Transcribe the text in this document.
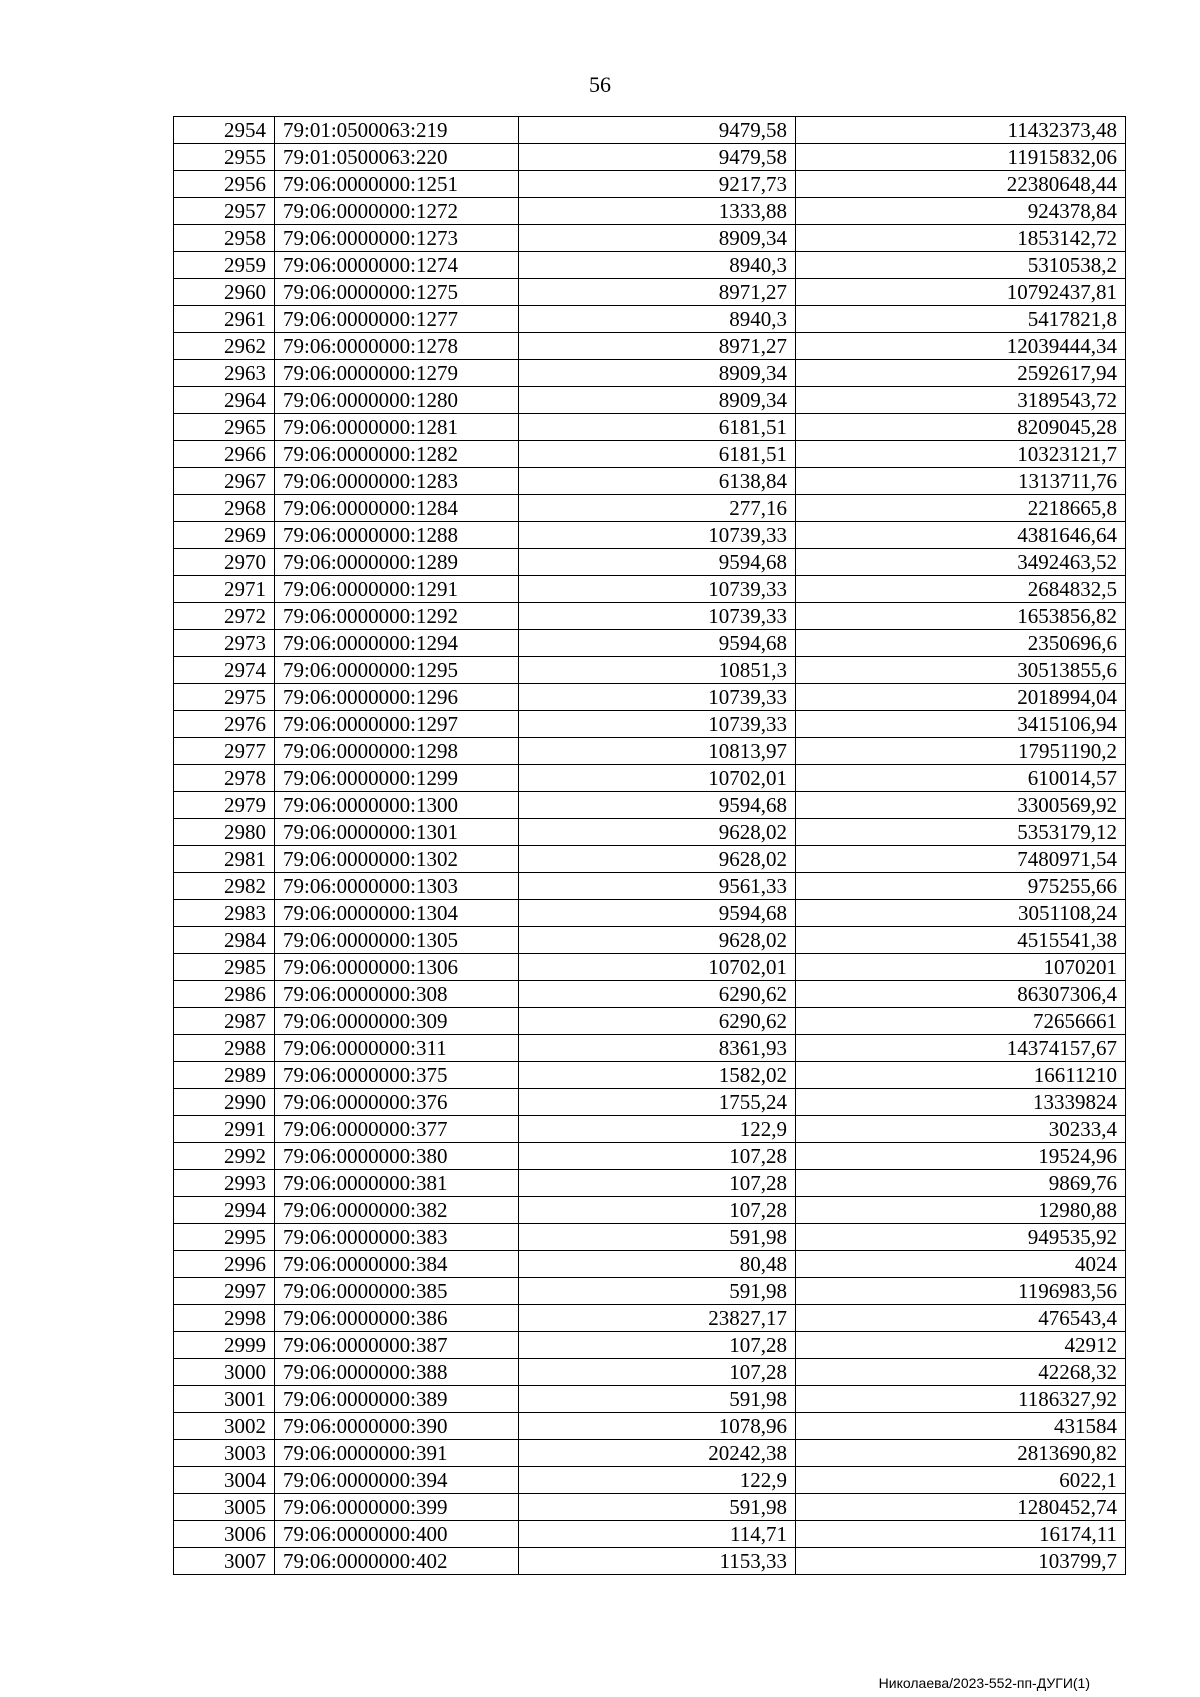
56
2954	79:01:0500063:219	9479,58	11432373,48
2955	79:01:0500063:220	9479,58	11915832,06
2956	79:06:0000000:1251	9217,73	22380648,44
2957	79:06:0000000:1272	1333,88	924378,84
2958	79:06:0000000:1273	8909,34	1853142,72
2959	79:06:0000000:1274	8940,3	5310538,2
2960	79:06:0000000:1275	8971,27	10792437,81
2961	79:06:0000000:1277	8940,3	5417821,8
2962	79:06:0000000:1278	8971,27	12039444,34
2963	79:06:0000000:1279	8909,34	2592617,94
2964	79:06:0000000:1280	8909,34	3189543,72
2965	79:06:0000000:1281	6181,51	8209045,28
2966	79:06:0000000:1282	6181,51	10323121,7
2967	79:06:0000000:1283	6138,84	1313711,76
2968	79:06:0000000:1284	277,16	2218665,8
2969	79:06:0000000:1288	10739,33	4381646,64
2970	79:06:0000000:1289	9594,68	3492463,52
2971	79:06:0000000:1291	10739,33	2684832,5
2972	79:06:0000000:1292	10739,33	1653856,82
2973	79:06:0000000:1294	9594,68	2350696,6
2974	79:06:0000000:1295	10851,3	30513855,6
2975	79:06:0000000:1296	10739,33	2018994,04
2976	79:06:0000000:1297	10739,33	3415106,94
2977	79:06:0000000:1298	10813,97	17951190,2
2978	79:06:0000000:1299	10702,01	610014,57
2979	79:06:0000000:1300	9594,68	3300569,92
2980	79:06:0000000:1301	9628,02	5353179,12
2981	79:06:0000000:1302	9628,02	7480971,54
2982	79:06:0000000:1303	9561,33	975255,66
2983	79:06:0000000:1304	9594,68	3051108,24
2984	79:06:0000000:1305	9628,02	4515541,38
2985	79:06:0000000:1306	10702,01	1070201
2986	79:06:0000000:308	6290,62	86307306,4
2987	79:06:0000000:309	6290,62	72656661
2988	79:06:0000000:311	8361,93	14374157,67
2989	79:06:0000000:375	1582,02	16611210
2990	79:06:0000000:376	1755,24	13339824
2991	79:06:0000000:377	122,9	30233,4
2992	79:06:0000000:380	107,28	19524,96
2993	79:06:0000000:381	107,28	9869,76
2994	79:06:0000000:382	107,28	12980,88
2995	79:06:0000000:383	591,98	949535,92
2996	79:06:0000000:384	80,48	4024
2997	79:06:0000000:385	591,98	1196983,56
2998	79:06:0000000:386	23827,17	476543,4
2999	79:06:0000000:387	107,28	42912
3000	79:06:0000000:388	107,28	42268,32
3001	79:06:0000000:389	591,98	1186327,92
3002	79:06:0000000:390	1078,96	431584
3003	79:06:0000000:391	20242,38	2813690,82
3004	79:06:0000000:394	122,9	6022,1
3005	79:06:0000000:399	591,98	1280452,74
3006	79:06:0000000:400	114,71	16174,11
3007	79:06:0000000:402	1153,33	103799,7
Николаева/2023-552-пп-ДУГИ(1)
